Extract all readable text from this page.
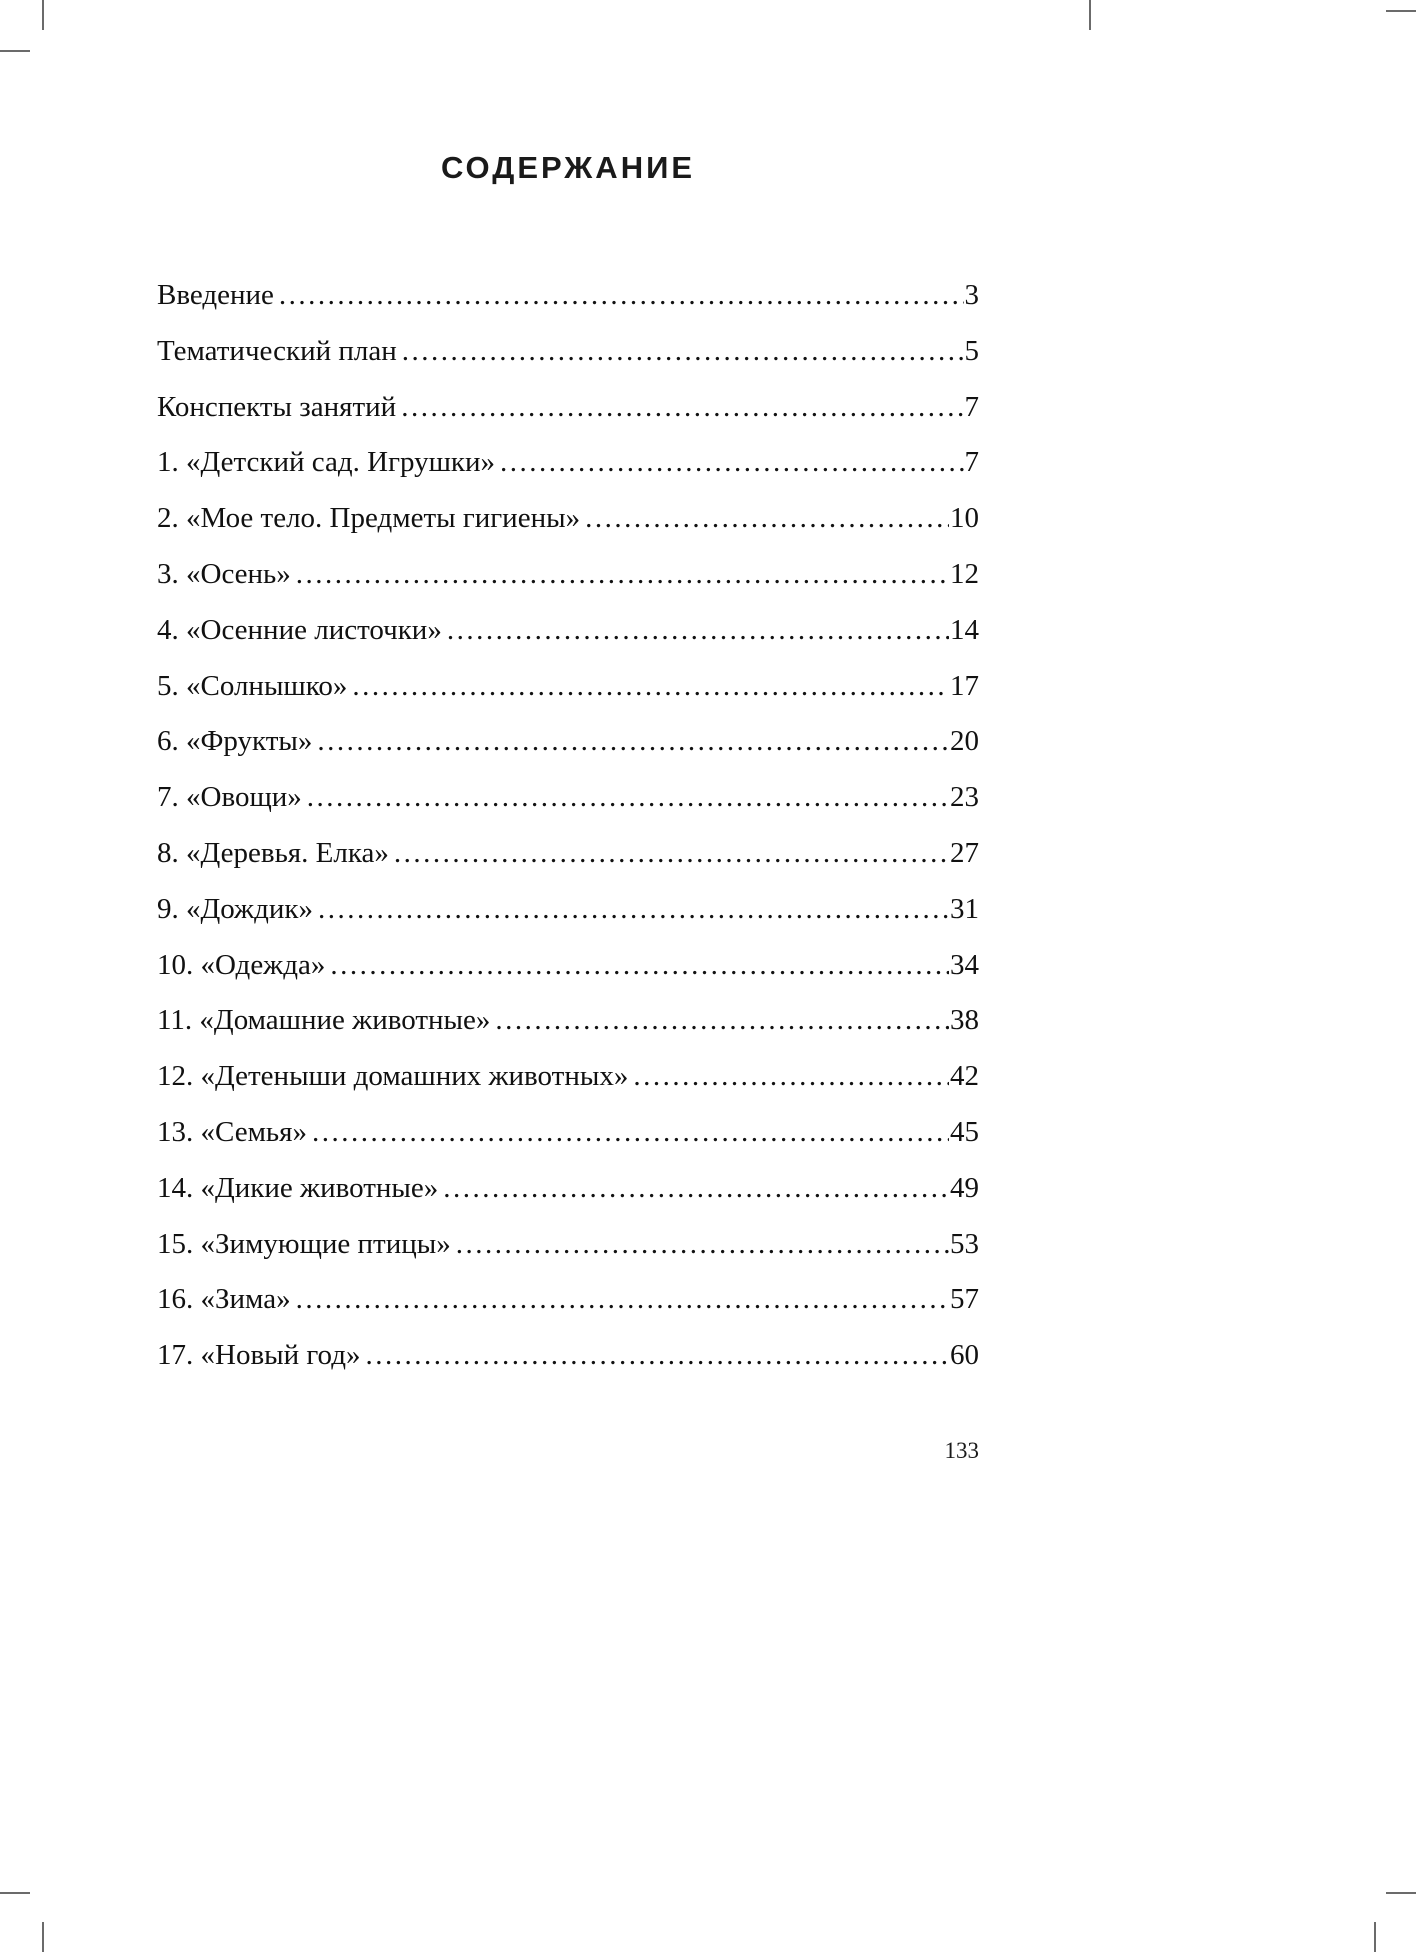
СОДЕРЖАНИЕ
Введение .....	3
Тематический план .....	5
Конспекты занятий .....	7
1. «Детский сад. Игрушки» .....	7
2. «Мое тело. Предметы гигиены» .....	10
3. «Осень» .....	12
4. «Осенние листочки» .....	14
5. «Солнышко» .....	17
6. «Фрукты» .....	20
7. «Овощи» .....	23
8. «Деревья. Елка» .....	27
9. «Дождик» .....	31
10. «Одежда» .....	34
11. «Домашние животные» .....	38
12. «Детеныши домашних животных» .....	42
13. «Семья» .....	45
14. «Дикие животные» .....	49
15. «Зимующие птицы» .....	53
16. «Зима» .....	57
17. «Новый год» .....	60
133
